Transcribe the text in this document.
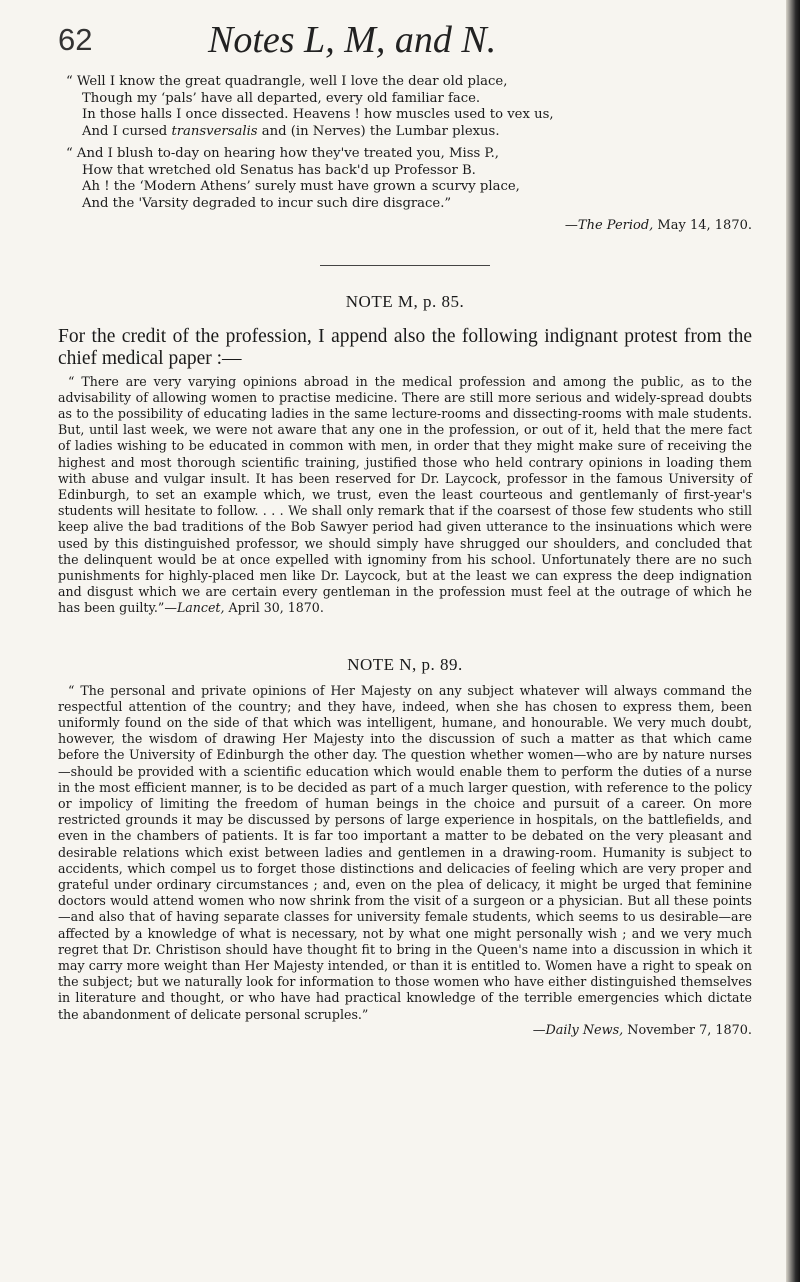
62	Notes L, M, and N.
“ Well I know the great quadrangle, well I love the dear old place,
Though my ‘pals’ have all departed, every old familiar face.
In those halls I once dissected. Heavens ! how muscles used to vex us,
And I cursed transversalis and (in Nerves) the Lumbar plexus.
“ And I blush to-day on hearing how they've treated you, Miss P.,
How that wretched old Senatus has back'd up Professor B.
Ah ! the ‘Modern Athens’ surely must have grown a scurvy place,
And the 'Varsity degraded to incur such dire disgrace.”
—The Period, May 14, 1870.
NOTE M, p. 85.

For the credit of the profession, I append also the following indignant protest from the chief medical paper :—

“ There are very varying opinions abroad in the medical profession and among the public, as to the advisability of allowing women to practise medicine. There are still more serious and widely-spread doubts as to the possibility of educating ladies in the same lecture-rooms and dissecting-rooms with male students. But, until last week, we were not aware that any one in the profession, or out of it, held that the mere fact of ladies wishing to be educated in common with men, in order that they might make sure of receiving the highest and most thorough scientific training, justified those who held contrary opinions in loading them with abuse and vulgar insult. It has been reserved for Dr. Laycock, professor in the famous University of Edinburgh, to set an example which, we trust, even the least courteous and gentlemanly of first-year's students will hesitate to follow. . . . We shall only remark that if the coarsest of those few students who still keep alive the bad traditions of the Bob Sawyer period had given utterance to the insinuations which were used by this distinguished professor, we should simply have shrugged our shoulders, and concluded that the delinquent would be at once expelled with ignominy from his school. Unfortunately there are no such punishments for highly-placed men like Dr. Laycock, but at the least we can express the deep indignation and disgust which we are certain every gentleman in the profession must feel at the outrage of which he has been guilty.”—Lancet, April 30, 1870.

NOTE N, p. 89.

“ The personal and private opinions of Her Majesty on any subject whatever will always command the respectful attention of the country; and they have, indeed, when she has chosen to express them, been uniformly found on the side of that which was intelligent, humane, and honourable. We very much doubt, however, the wisdom of drawing Her Majesty into the discussion of such a matter as that which came before the University of Edinburgh the other day. The question whether women—who are by nature nurses—should be provided with a scientific education which would enable them to perform the duties of a nurse in the most efficient manner, is to be decided as part of a much larger question, with reference to the policy or impolicy of limiting the freedom of human beings in the choice and pursuit of a career. On more restricted grounds it may be discussed by persons of large experience in hospitals, on the battlefields, and even in the chambers of patients. It is far too important a matter to be debated on the very pleasant and desirable relations which exist between ladies and gentlemen in a drawing-room. Humanity is subject to accidents, which compel us to forget those distinctions and delicacies of feeling which are very proper and grateful under ordinary circumstances ; and, even on the plea of delicacy, it might be urged that feminine doctors would attend women who now shrink from the visit of a surgeon or a physician. But all these points—and also that of having separate classes for university female students, which seems to us desirable—are affected by a knowledge of what is necessary, not by what one might personally wish ; and we very much regret that Dr. Christison should have thought fit to bring in the Queen's name into a discussion in which it may carry more weight than Her Majesty intended, or than it is entitled to. Women have a right to speak on the subject; but we naturally look for information to those women who have either distinguished themselves in literature and thought, or who have had practical knowledge of the terrible emergencies which dictate the abandonment of delicate personal scruples.”

—Daily News, November 7, 1870.
